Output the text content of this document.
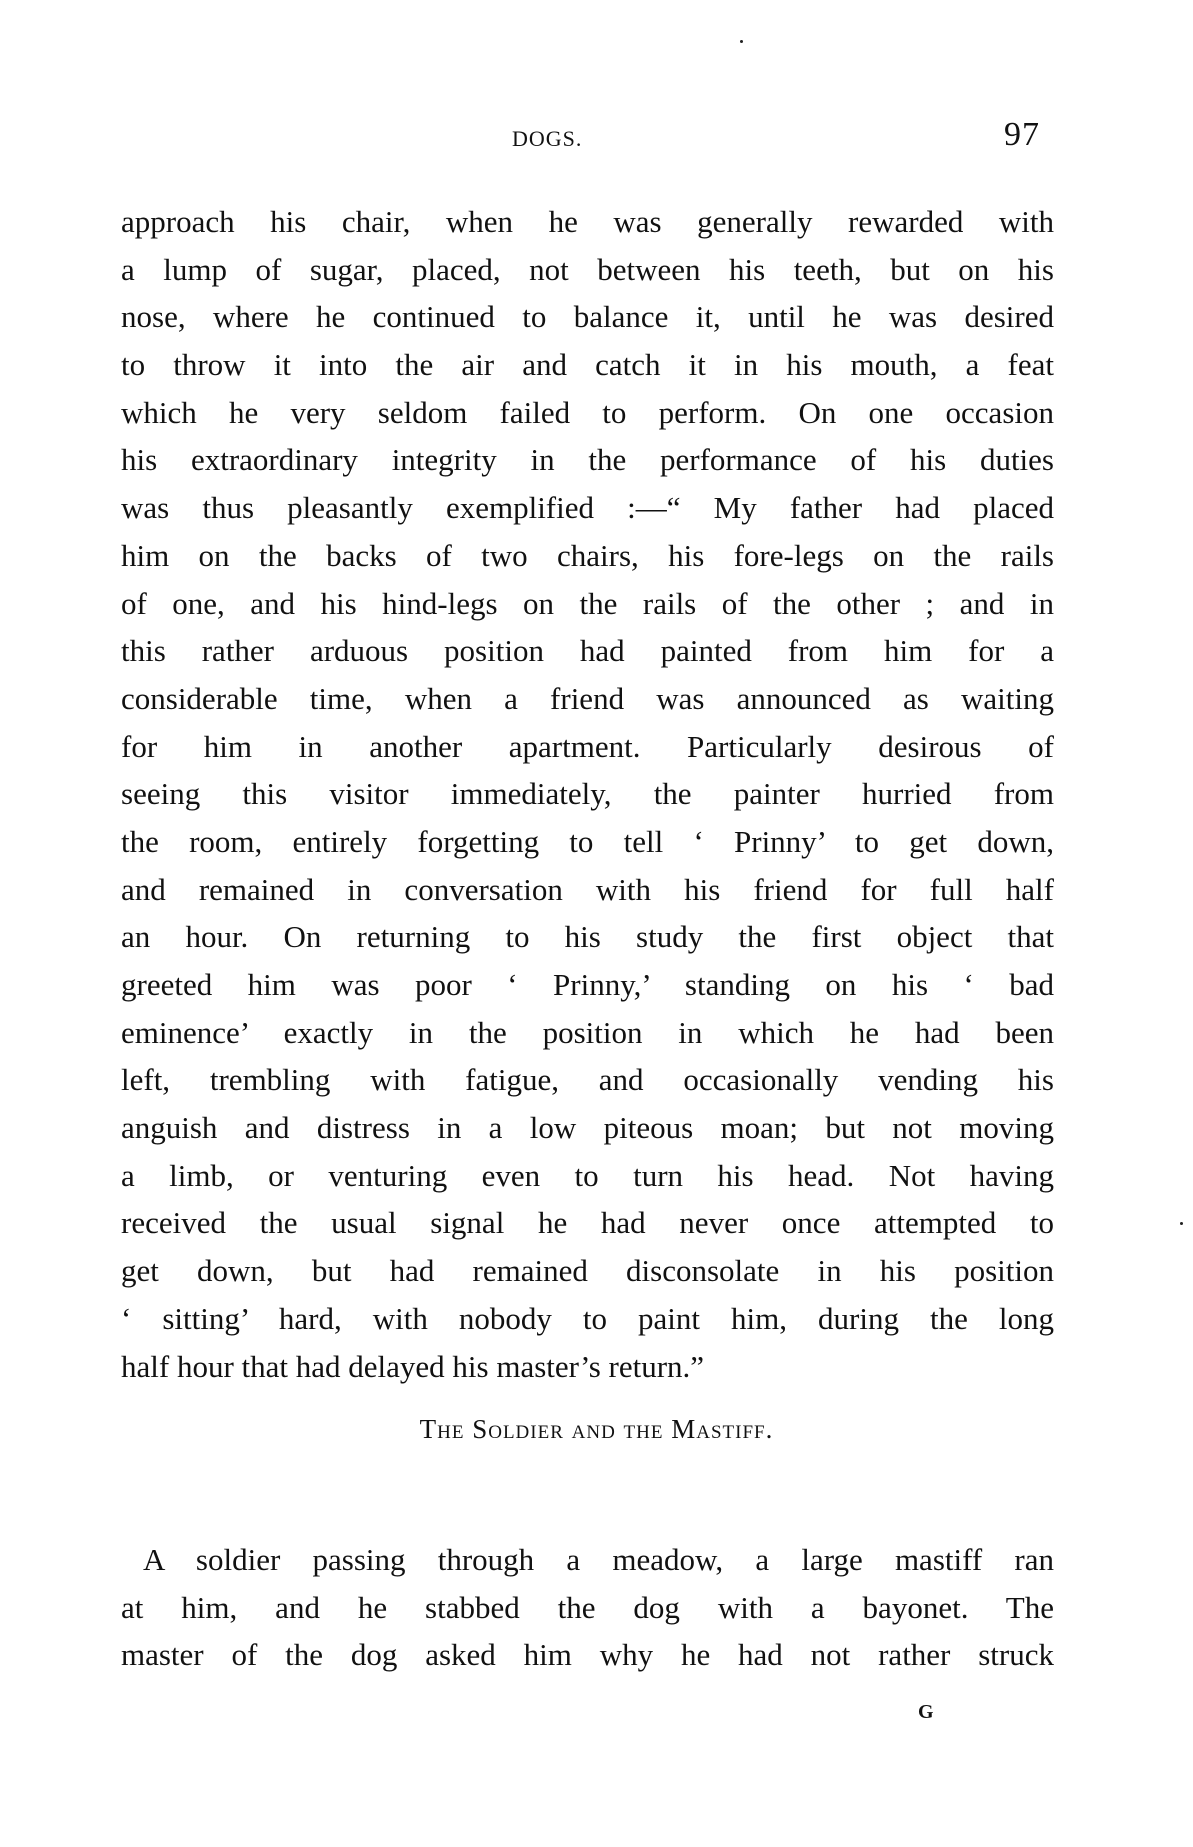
DOGS.	97
approach his chair, when he was generally rewarded with
a lump of sugar, placed, not between his teeth, but on his
nose, where he continued to balance it, until he was desired
to throw it into the air and catch it in his mouth, a feat
which he very seldom failed to perform. On one occasion
his extraordinary integrity in the performance of his duties
was thus pleasantly exemplified :—“ My father had placed
him on the backs of two chairs, his fore-legs on the rails
of one, and his hind-legs on the rails of the other ; and in
this rather arduous position had painted from him for a
considerable time, when a friend was announced as waiting
for him in another apartment. Particularly desirous of
seeing this visitor immediately, the painter hurried from
the room, entirely forgetting to tell ‘ Prinny’ to get down,
and remained in conversation with his friend for full half
an hour. On returning to his study the first object that
greeted him was poor ‘ Prinny,’ standing on his ‘ bad
eminence’ exactly in the position in which he had been
left, trembling with fatigue, and occasionally vending his
anguish and distress in a low piteous moan; but not moving
a limb, or venturing even to turn his head. Not having
received the usual signal he had never once attempted to
get down, but had remained disconsolate in his position
‘ sitting’ hard, with nobody to paint him, during the long
half hour that had delayed his master’s return.”
The Soldier and the Mastiff.
A soldier passing through a meadow, a large mastiff ran
at him, and he stabbed the dog with a bayonet. The
master of the dog asked him why he had not rather struck
G
